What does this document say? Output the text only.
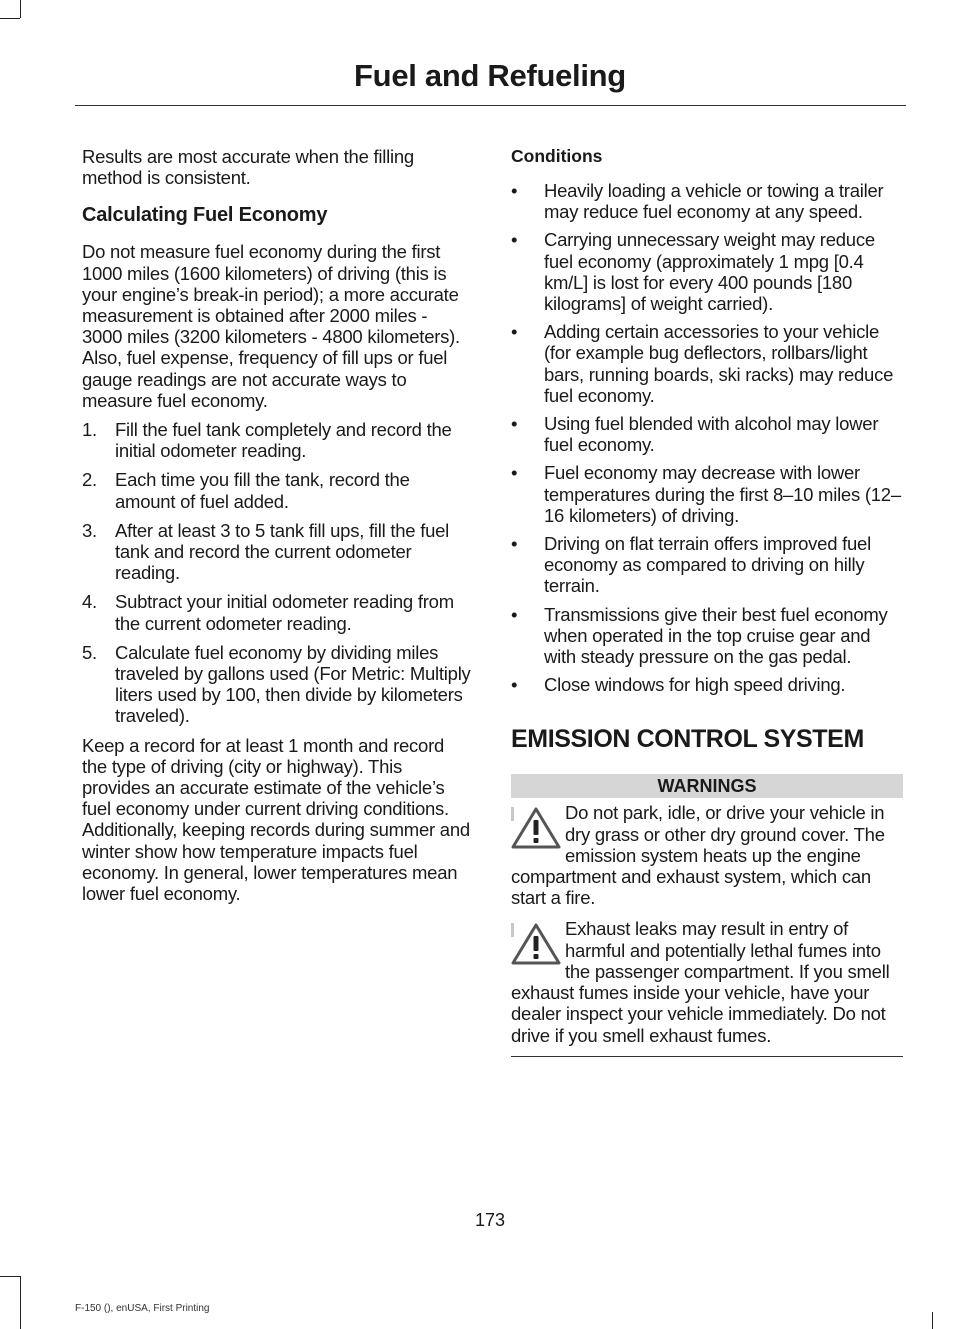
Fuel and Refueling

Results are most accurate when the filling method is consistent.

Calculating Fuel Economy

Do not measure fuel economy during the first 1000 miles (1600 kilometers) of driving (this is your engine’s break-in period); a more accurate measurement is obtained after 2000 miles - 3000 miles (3200 kilometers - 4800 kilometers). Also, fuel expense, frequency of fill ups or fuel gauge readings are not accurate ways to measure fuel economy.

1. Fill the fuel tank completely and record the initial odometer reading.
2. Each time you fill the tank, record the amount of fuel added.
3. After at least 3 to 5 tank fill ups, fill the fuel tank and record the current odometer reading.
4. Subtract your initial odometer reading from the current odometer reading.
5. Calculate fuel economy by dividing miles traveled by gallons used (For Metric: Multiply liters used by 100, then divide by kilometers traveled).

Keep a record for at least 1 month and record the type of driving (city or highway). This provides an accurate estimate of the vehicle’s fuel economy under current driving conditions. Additionally, keeping records during summer and winter show how temperature impacts fuel economy. In general, lower temperatures mean lower fuel economy.

Conditions
• Heavily loading a vehicle or towing a trailer may reduce fuel economy at any speed.
• Carrying unnecessary weight may reduce fuel economy (approximately 1 mpg [0.4 km/L] is lost for every 400 pounds [180 kilograms] of weight carried).
• Adding certain accessories to your vehicle (for example bug deflectors, rollbars/light bars, running boards, ski racks) may reduce fuel economy.
• Using fuel blended with alcohol may lower fuel economy.
• Fuel economy may decrease with lower temperatures during the first 8–10 miles (12–16 kilometers) of driving.
• Driving on flat terrain offers improved fuel economy as compared to driving on hilly terrain.
• Transmissions give their best fuel economy when operated in the top cruise gear and with steady pressure on the gas pedal.
• Close windows for high speed driving.
EMISSION CONTROL SYSTEM
WARNINGS

Do not park, idle, or drive your vehicle in dry grass or other dry ground cover. The emission system heats up the engine compartment and exhaust system, which can start a fire.

Exhaust leaks may result in entry of harmful and potentially lethal fumes into the passenger compartment. If you smell exhaust fumes inside your vehicle, have your dealer inspect your vehicle immediately. Do not drive if you smell exhaust fumes.

173
F-150 (), enUSA, First Printing
